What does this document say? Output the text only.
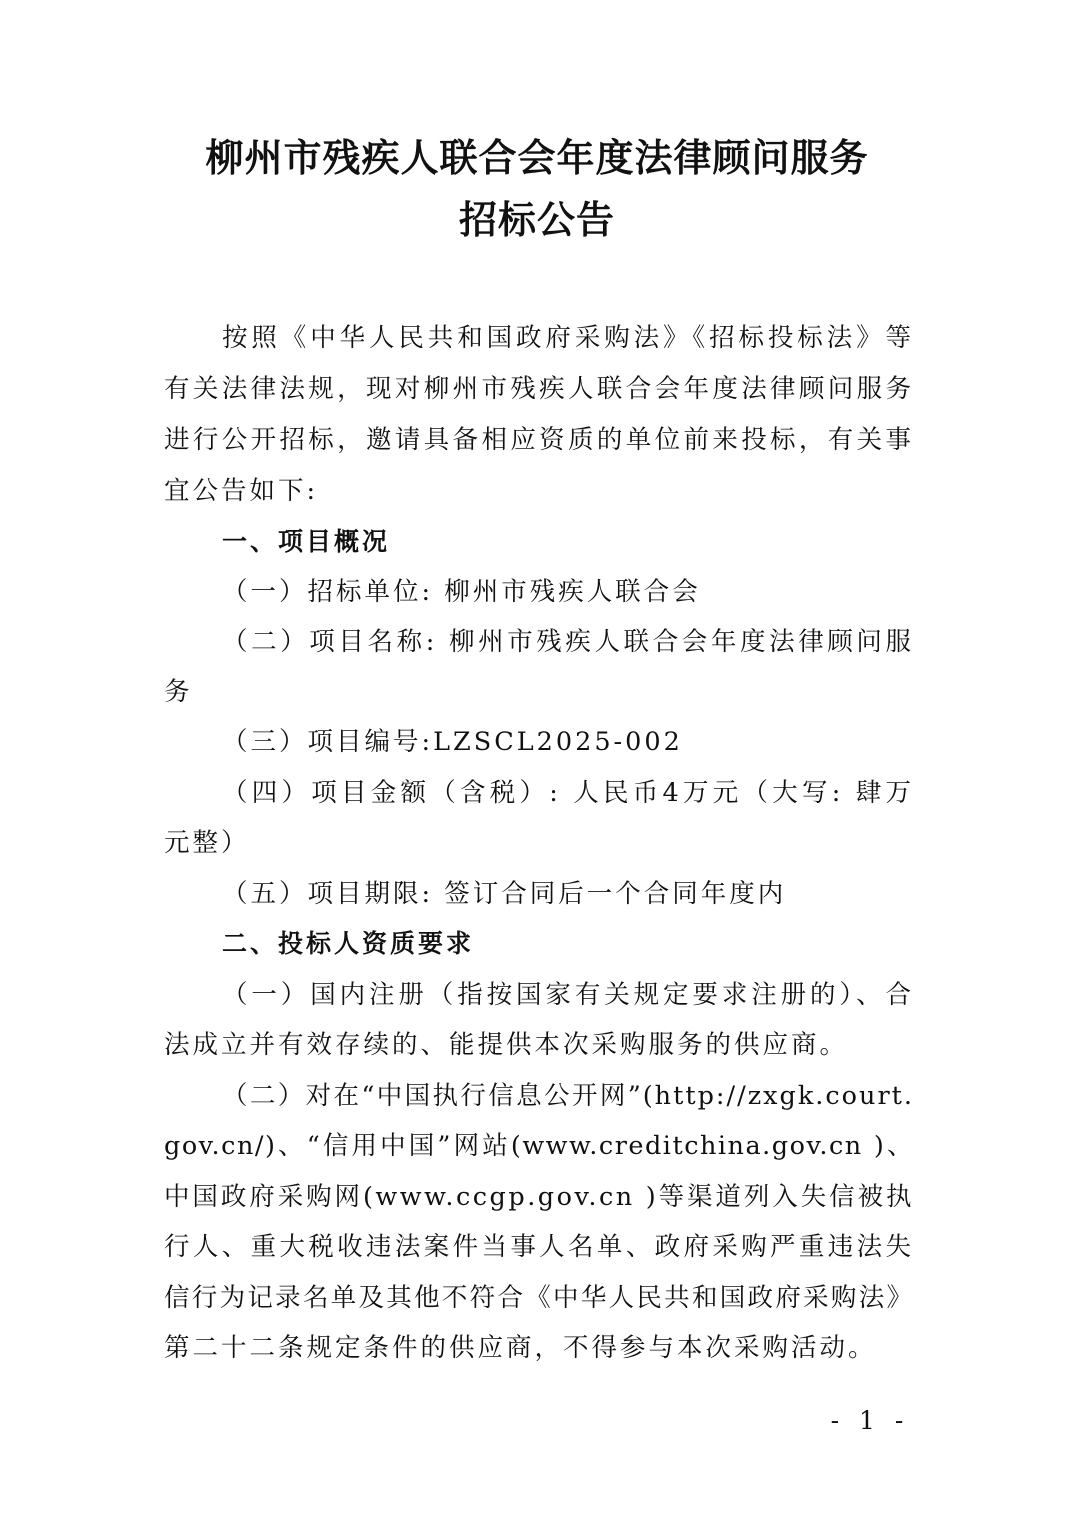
柳州市残疾人联合会年度法律顾问服务
招标公告
按照《中华人民共和国政府采购法》《招标投标法》等
有关法律法规，现对柳州市残疾人联合会年度法律顾问服务
进行公开招标，邀请具备相应资质的单位前来投标，有关事
宜公告如下:
一、项目概况
（一）招标单位: 柳州市残疾人联合会
（二）项目名称: 柳州市残疾人联合会年度法律顾问服
务
（三）项目编号:LZSCL2025-002
（四）项目金额（含税）: 人民币4万元（大写: 肆万
元整）
（五）项目期限: 签订合同后一个合同年度内
二、投标人资质要求
（一）国内注册（指按国家有关规定要求注册的）、合
法成立并有效存续的、能提供本次采购服务的供应商。
（二）对在“中国执行信息公开网”(http://zxgk.court.
gov.cn/)、“信用中国”网站(www.creditchina.gov.cn )、
中国政府采购网(www.ccgp.gov.cn )等渠道列入失信被执
行人、重大税收违法案件当事人名单、政府采购严重违法失
信行为记录名单及其他不符合《中华人民共和国政府采购法》
第二十二条规定条件的供应商，不得参与本次采购活动。
- 1 -
